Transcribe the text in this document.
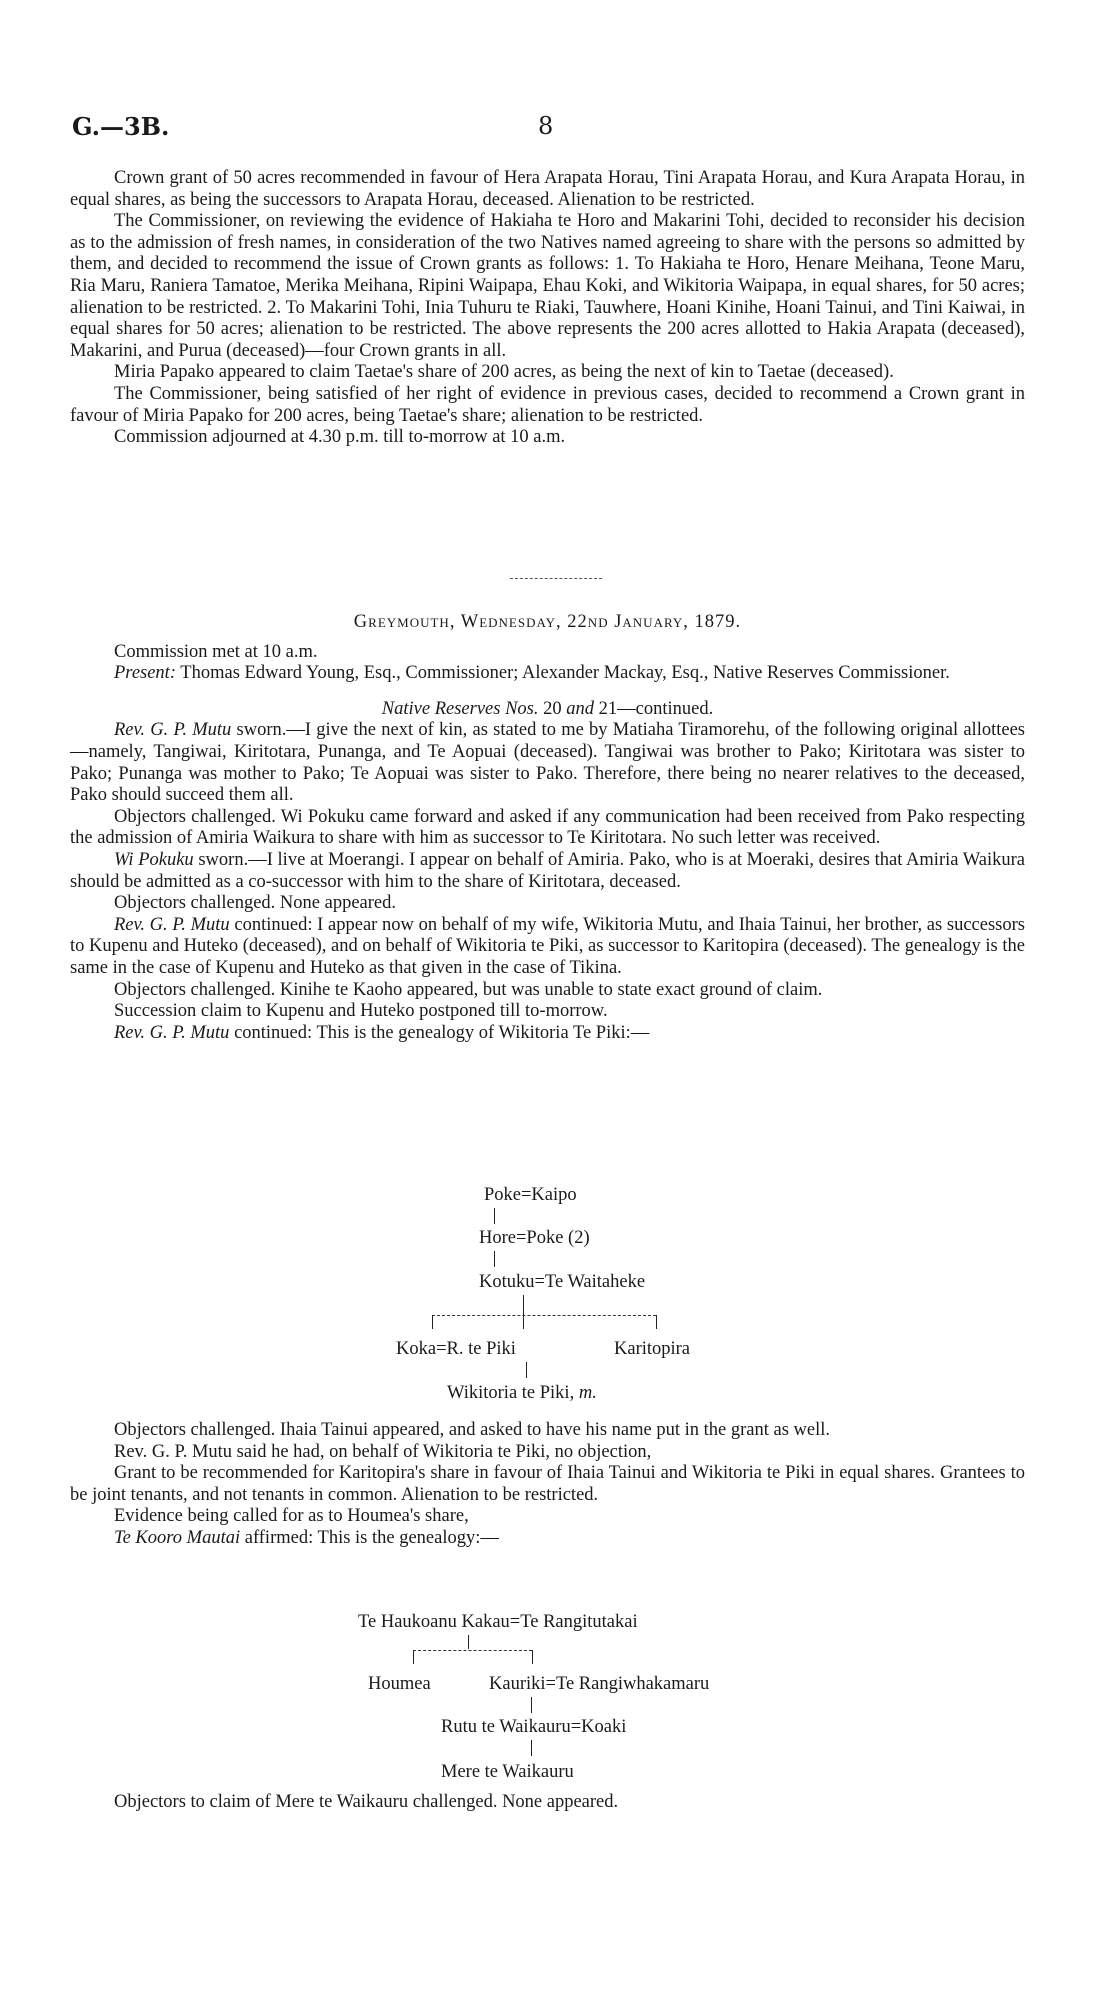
G.—3B.	8

Crown grant of 50 acres recommended in favour of Hera Arapata Horau, Tini Arapata Horau, and Kura Arapata Horau, in equal shares, as being the successors to Arapata Horau, deceased. Alienation to be restricted.

The Commissioner, on reviewing the evidence of Hakiaha te Horo and Makarini Tohi, decided to reconsider his decision as to the admission of fresh names, in consideration of the two Natives named agreeing to share with the persons so admitted by them, and decided to recommend the issue of Crown grants as follows: 1. To Hakiaha te Horo, Henare Meihana, Teone Maru, Ria Maru, Raniera Tamatoe, Merika Meihana, Ripini Waipapa, Ehau Koki, and Wikitoria Waipapa, in equal shares, for 50 acres; alienation to be restricted. 2. To Makarini Tohi, Inia Tuhuru te Riaki, Tauwhere, Hoani Kinihe, Hoani Tainui, and Tini Kaiwai, in equal shares for 50 acres; alienation to be restricted. The above represents the 200 acres allotted to Hakia Arapata (deceased), Makarini, and Purua (deceased)—four Crown grants in all.

Miria Papako appeared to claim Taetae's share of 200 acres, as being the next of kin to Taetae (deceased).

The Commissioner, being satisfied of her right of evidence in previous cases, decided to recommend a Crown grant in favour of Miria Papako for 200 acres, being Taetae's share; alienation to be restricted.

Commission adjourned at 4.30 p.m. till to-morrow at 10 a.m.

Greymouth, Wednesday, 22nd January, 1879.

Commission met at 10 a.m.

Present: Thomas Edward Young, Esq., Commissioner; Alexander Mackay, Esq., Native Reserves Commissioner.

Native Reserves Nos. 20 and 21—continued.

Rev. G. P. Mutu sworn.—I give the next of kin, as stated to me by Matiaha Tiramorehu, of the following original allottees—namely, Tangiwai, Kiritotara, Punanga, and Te Aopuai (deceased). Tangiwai was brother to Pako; Kiritotara was sister to Pako; Punanga was mother to Pako; Te Aopuai was sister to Pako. Therefore, there being no nearer relatives to the deceased, Pako should succeed them all.

Objectors challenged. Wi Pokuku came forward and asked if any communication had been received from Pako respecting the admission of Amiria Waikura to share with him as successor to Te Kiritotara. No such letter was received.

Wi Pokuku sworn.—I live at Moerangi. I appear on behalf of Amiria. Pako, who is at Moeraki, desires that Amiria Waikura should be admitted as a co-successor with him to the share of Kiritotara, deceased.

Objectors challenged. None appeared.

Rev. G. P. Mutu continued: I appear now on behalf of my wife, Wikitoria Mutu, and Ihaia Tainui, her brother, as successors to Kupenu and Huteko (deceased), and on behalf of Wikitoria te Piki, as successor to Karitopira (deceased). The genealogy is the same in the case of Kupenu and Huteko as that given in the case of Tikina.

Objectors challenged. Kinihe te Kaoho appeared, but was unable to state exact ground of claim.

Succession claim to Kupenu and Huteko postponed till to-morrow.

Rev. G. P. Mutu continued: This is the genealogy of Wikitoria Te Piki:—

Poke=Kaipo
Hore=Poke (2)
Kotuku=Te Waitaheke
Koka=R. te Piki	Karitopira
Wikitoria te Piki, m.

Objectors challenged. Ihaia Tainui appeared, and asked to have his name put in the grant as well.

Rev. G. P. Mutu said he had, on behalf of Wikitoria te Piki, no objection,

Grant to be recommended for Karitopira's share in favour of Ihaia Tainui and Wikitoria te Piki in equal shares. Grantees to be joint tenants, and not tenants in common. Alienation to be restricted.

Evidence being called for as to Houmea's share,

Te Kooro Mautai affirmed: This is the genealogy:—

Te Haukoanu Kakau=Te Rangitutakai
Houmea	Kauriki=Te Rangiwhakamaru
Rutu te Waikauru=Koaki
Mere te Waikauru

Objectors to claim of Mere te Waikauru challenged. None appeared.
